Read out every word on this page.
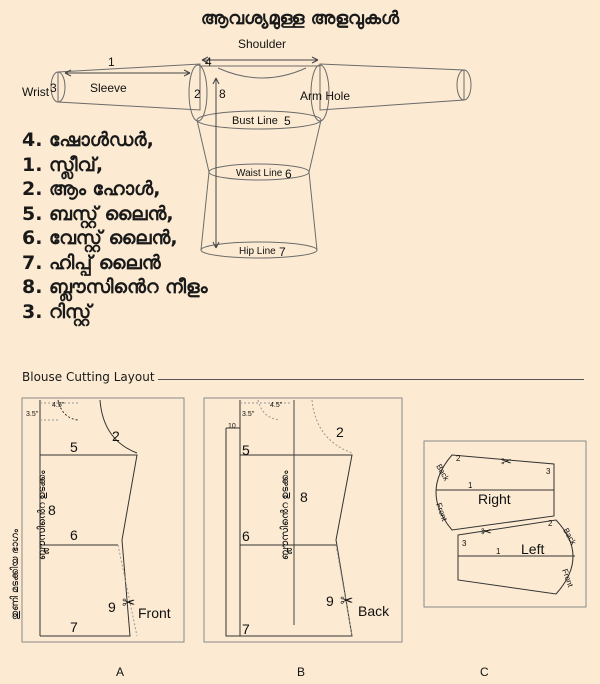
ആവശ്യമുള്ള അളവുകൾ
Shoulder
1	4
Sleeve
Wrist 3	2 8	Arm Hole
Bust Line 5
Waist Line 6
Hip Line 7
2
5
8
6
9
7
Front
A
✂
4.5"
3.5"
ബ്ലൗസിൻെറ ഉടക്കം
തുണി മടക്കിയ ഭാഗം
2
5
8
6
9
7
Back
B
✂
4.5"
3.5"
10
ബ്ലൗസിൻെറ ഉടക്കം
2
3
1
3
2
1
Back
Front
Back
Front
Right
Left
C
✂
✂
4. ഷോൾഡർ,
1. സ്ലീവ്,
2. ആം ഹോൾ,
5. ബസ്റ്റ് ലൈൻ,
6. വേസ്റ്റ് ലൈൻ,
7. ഹിപ്പ് ലൈൻ
8. ബ്ലൗസിൻെറ നീളം
3. റിസ്റ്റ്
Blouse Cutting Layout
